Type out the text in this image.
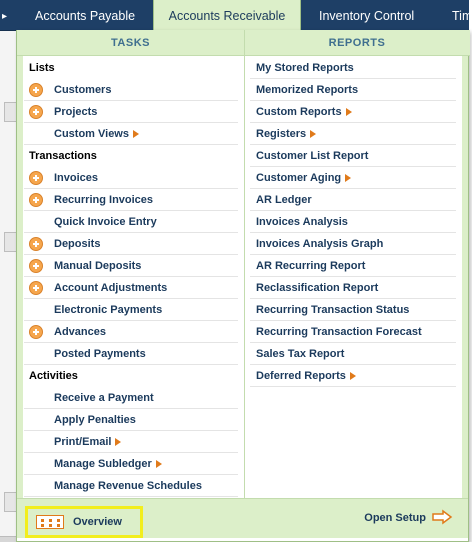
▸ Accounts Payable	Accounts Receivable	Inventory Control	Tim
TASKS	REPORTS
Lists
Customers
Projects
Custom Views
Transactions
Invoices
Recurring Invoices
Quick Invoice Entry
Deposits
Manual Deposits
Account Adjustments
Electronic Payments
Advances
Posted Payments
Activities
Receive a Payment
Apply Penalties
Print/Email
Manage Subledger
Manage Revenue Schedules
My Stored Reports
Memorized Reports
Custom Reports
Registers
Customer List Report
Customer Aging
AR Ledger
Invoices Analysis
Invoices Analysis Graph
AR Recurring Report
Reclassification Report
Recurring Transaction Status
Recurring Transaction Forecast
Sales Tax Report
Deferred Reports
Overview	Open Setup
